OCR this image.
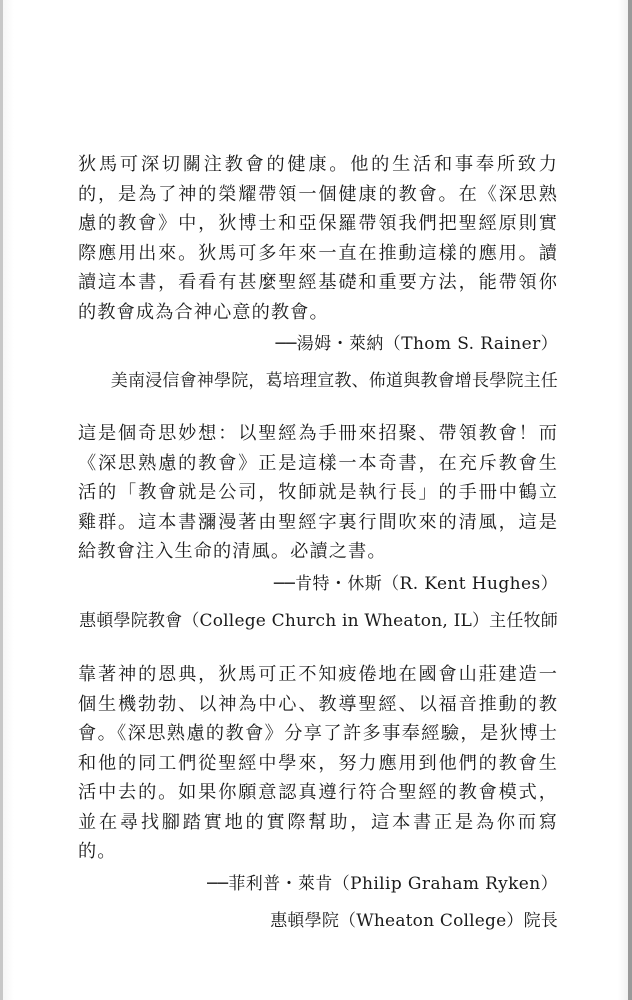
狄馬可深切關注教會的健康。他的生活和事奉所致力的，是為了神的榮耀帶領一個健康的教會。在《深思熟慮的教會》中，狄博士和亞保羅帶領我們把聖經原則實際應用出來。狄馬可多年來一直在推動這樣的應用。讀讀這本書，看看有甚麼聖經基礎和重要方法，能帶領你的教會成為合神心意的教會。

──湯姆・萊納（Thom S. Rainer）
美南浸信會神學院，葛培理宣教、佈道與教會增長學院主任

這是個奇思妙想：以聖經為手冊來招聚、帶領教會！而《深思熟慮的教會》正是這樣一本奇書，在充斥教會生活的「教會就是公司，牧師就是執行長」的手冊中鶴立雞群。這本書瀰漫著由聖經字裏行間吹來的清風，這是給教會注入生命的清風。必讀之書。

──肯特・休斯（R. Kent Hughes）
惠頓學院教會（College Church in Wheaton, IL）主任牧師

靠著神的恩典，狄馬可正不知疲倦地在國會山莊建造一個生機勃勃、以神為中心、教導聖經、以福音推動的教會。《深思熟慮的教會》分享了許多事奉經驗，是狄博士和他的同工們從聖經中學來，努力應用到他們的教會生活中去的。如果你願意認真遵行符合聖經的教會模式，並在尋找腳踏實地的實際幫助，這本書正是為你而寫的。

──菲利普・萊肯（Philip Graham Ryken）
惠頓學院（Wheaton College）院長
